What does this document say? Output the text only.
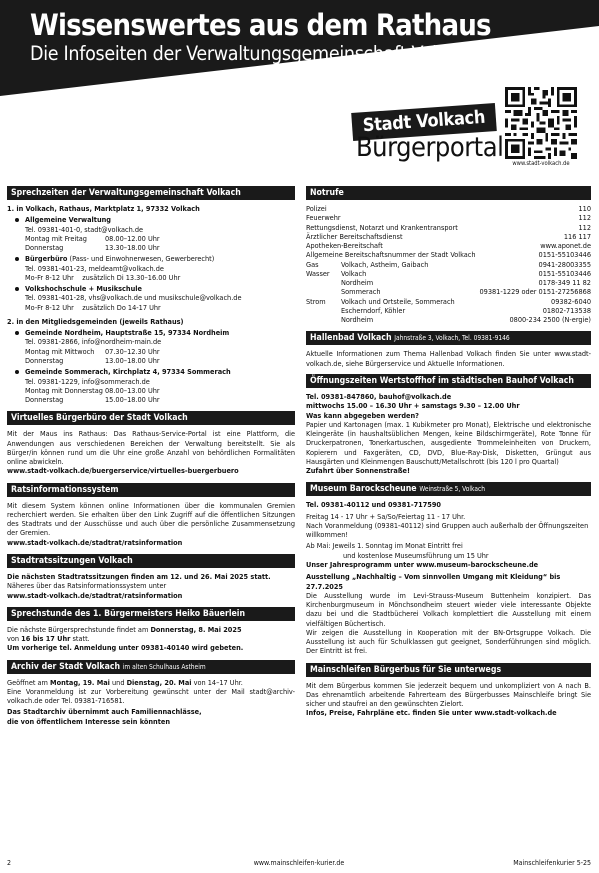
Wissenswertes aus dem Rathaus
Die Infoseiten der Verwaltungsgemeinschaft Volkach
Stadt Volkach
Bürgerportal
www.stadt-volkach.de
Sprechzeiten der Verwaltungsgemeinschaft Volkach
1. in Volkach, Rathaus, Marktplatz 1, 97332 Volkach
Allgemeine Verwaltung
Tel. 09381-401-0, stadt@volkach.de
Montag mit Freitag	08.00–12.00 Uhr
Donnerstag	13.30–18.00 Uhr
Bürgerbüro (Pass- und Einwohnerwesen, Gewerberecht)
Tel. 09381-401-23, meldeamt@volkach.de
Mo-Fr 8-12 Uhr    zusätzlich Di 13.30–16.00 Uhr
Volkshochschule + Musikschule
Tel. 09381-401-28, vhs@volkach.de und musikschule@volkach.de
Mo-Fr 8-12 Uhr    zusätzlich Do 14-17 Uhr
2. in den Mitgliedsgemeinden (jeweils Rathaus)
Gemeinde Nordheim, Hauptstraße 15, 97334 Nordheim
Tel. 09381-2866, info@nordheim-main.de
Montag mit Mittwoch	07.30–12.30 Uhr
Donnerstag	13.00–18.00 Uhr
Gemeinde Sommerach, Kirchplatz 4, 97334 Sommerach
Tel. 09381-1229, info@sommerach.de
Montag mit Donnerstag 08.00–13.00 Uhr
Donnerstag	15.00–18.00 Uhr
Virtuelles Bürgerbüro der Stadt Volkach
Mit der Maus ins Rathaus: Das Rathaus-Service-Portal ist eine Plattform, die Anwendungen aus verschiedenen Bereichen der Verwaltung bereitstellt. Sie als Bürger/in können rund um die Uhr eine große Anzahl von behördlichen Formalitäten online abwickeln.
www.stadt-volkach.de/buergerservice/virtuelles-buergerbuero
Ratsinformationssystem
Mit diesem System können online Informationen über die kommunalen Gremien recherchiert werden. Sie erhalten über den Link Zugriff auf die öffentlichen Sitzungen des Stadtrats und der Ausschüsse und auch über die persönliche Zusammensetzung der Gremien.
www.stadt-volkach.de/stadtrat/ratsinformation
Stadtratssitzungen Volkach
Die nächsten Stadtratssitzungen finden am 12. und 26. Mai 2025 statt.
Näheres über das Ratsinformationssystem unter
www.stadt-volkach.de/stadtrat/ratsinformation
Sprechstunde des 1. Bürgermeisters Heiko Bäuerlein
Die nächste Bürgersprechstunde findet am Donnerstag, 8. Mai 2025
von 16 bis 17 Uhr statt.
Um vorherige tel. Anmeldung unter 09381-40140 wird gebeten.
Archiv der Stadt Volkach im alten Schulhaus Astheim
Geöffnet am Montag, 19. Mai und Dienstag, 20. Mai von 14–17 Uhr.
Eine Voranmeldung ist zur Vorbereitung gewünscht unter der Mail stadt@archiv-volkach.de oder Tel. 09381-716581.
Das Stadtarchiv übernimmt auch Familiennachlässe,
die von öffentlichem Interesse sein könnten
Notrufe
Polizei	110
Feuerwehr	112
Rettungsdienst, Notarzt und Krankentransport	112
Ärztlicher Bereitschaftsdienst	116 117
Apotheken-Bereitschaft	www.aponet.de
Allgemeine Bereitschaftsnummer der Stadt Volkach	0151-55103446
Gas	Volkach, Astheim, Gaibach	0941-28003355
Wasser	Volkach	0151-55103446
Nordheim	0178-349 11 82
Sommerach	09381-1229 oder 0151-27256868
Strom	Volkach und Ortsteile, Sommerach	09382-6040
Escherndorf, Köhler	01802-713538
Nordheim	0800-234 2500 (N-ergie)
Hallenbad Volkach Jahnstraße 3, Volkach, Tel. 09381-9146
Aktuelle Informationen zum Thema Hallenbad Volkach finden Sie unter www.stadt-volkach.de, siehe Bürgerservice und Aktuelle Informationen.
Öffnungszeiten Wertstoffhof im städtischen Bauhof Volkach
Tel. 09381-847860, bauhof@volkach.de
mittwochs 15.00 – 16.30 Uhr + samstags 9.30 – 12.00 Uhr
Was kann abgegeben werden?
Papier und Kartonagen (max. 1 Kubikmeter pro Monat), Elektrische und elektronische Kleingeräte (in haushaltsüblichen Mengen, keine Bildschirmgeräte), Rote Tonne für Druckerpatronen, Tonerkartuschen, ausgediente Trommeleinheiten von Druckern, Kopierern und Faxgeräten, CD, DVD, Blue-Ray-Disk, Disketten, Grüngut aus Hausgärten und Kleinmengen Bauschutt/Metallschrott (bis 120 l pro Quartal)
Zufahrt über Sonnenstraße!
Museum Barockscheune Weinstraße 5, Volkach
Tel. 09381-40112 und 09381-717590
Freitag 14 - 17 Uhr + Sa/So/Feiertag 11 - 17 Uhr.
Nach Voranmeldung (09381-40112) sind Gruppen auch außerhalb der Öffnungszeiten willkommen!
Ab Mai: Jeweils 1. Sonntag im Monat Eintritt frei
und kostenlose Museumsführung um 15 Uhr
Unser Jahresprogramm unter www.museum-barockscheune.de
Ausstellung „Nachhaltig – Vom sinnvollen Umgang mit Kleidung“ bis 27.7.2025
Die Ausstellung wurde im Levi-Strauss-Museum Buttenheim konzipiert. Das Kirchenburgmuseum in Mönchsondheim steuert wieder viele interessante Objekte dazu bei und die Stadtbücherei Volkach komplettiert die Ausstellung mit einem vielfältigen Büchertisch.
Wir zeigen die Ausstellung in Kooperation mit der BN-Ortsgruppe Volkach. Die Ausstellung ist auch für Schulklassen gut geeignet, Sonderführungen sind möglich. Der Eintritt ist frei.
Mainschleifen Bürgerbus für Sie unterwegs
Mit dem Bürgerbus kommen Sie jederzeit bequem und unkompliziert von A nach B. Das ehrenamtlich arbeitende Fahrerteam des Bürgerbusses Mainschleife bringt Sie sicher und staufrei an den gewünschten Zielort.
Infos, Preise, Fahrpläne etc. finden Sie unter www.stadt-volkach.de
2	www.mainschleifen-kurier.de	Mainschleifenkurier 5-25
